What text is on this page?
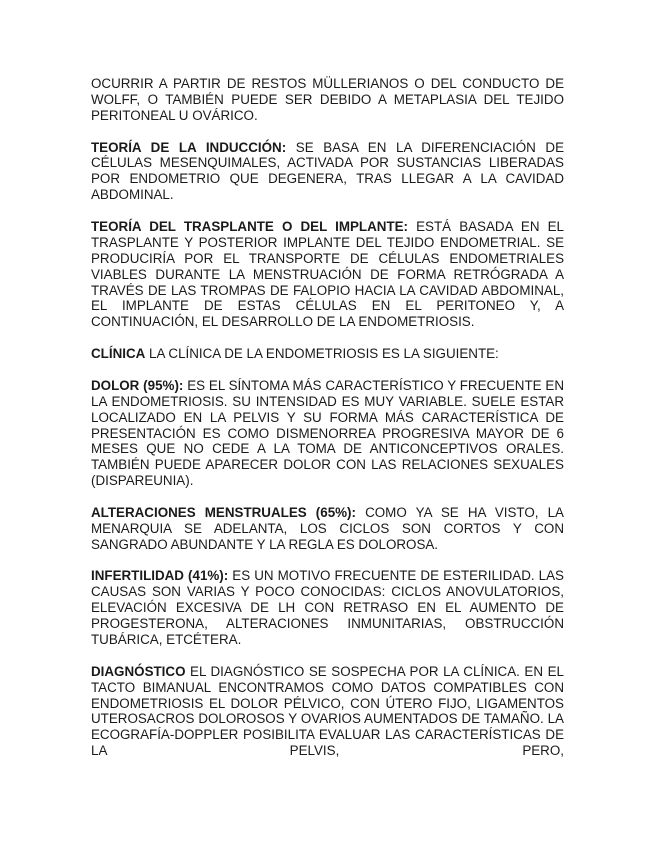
OCURRIR A PARTIR DE RESTOS MÜLLERIANOS O DEL CONDUCTO DE WOLFF, O TAMBIÉN PUEDE SER DEBIDO A METAPLASIA DEL TEJIDO PERITONEAL U OVÁRICO.

TEORÍA DE LA INDUCCIÓN: SE BASA EN LA DIFERENCIACIÓN DE CÉLULAS MESENQUIMALES, ACTIVADA POR SUSTANCIAS LIBERADAS POR ENDOMETRIO QUE DEGENERA, TRAS LLEGAR A LA CAVIDAD ABDOMINAL.

TEORÍA DEL TRASPLANTE O DEL IMPLANTE: ESTÁ BASADA EN EL TRASPLANTE Y POSTERIOR IMPLANTE DEL TEJIDO ENDOMETRIAL. SE PRODUCIRÍA POR EL TRANSPORTE DE CÉLULAS ENDOMETRIALES VIABLES DURANTE LA MENSTRUACIÓN DE FORMA RETRÓGRADA A TRAVÉS DE LAS TROMPAS DE FALOPIO HACIA LA CAVIDAD ABDOMINAL, EL IMPLANTE DE ESTAS CÉLULAS EN EL PERITONEO Y, A CONTINUACIÓN, EL DESARROLLO DE LA ENDOMETRIOSIS.

CLÍNICA LA CLÍNICA DE LA ENDOMETRIOSIS ES LA SIGUIENTE:

DOLOR (95%): ES EL SÍNTOMA MÁS CARACTERÍSTICO Y FRECUENTE EN LA ENDOMETRIOSIS. SU INTENSIDAD ES MUY VARIABLE. SUELE ESTAR LOCALIZADO EN LA PELVIS Y SU FORMA MÁS CARACTERÍSTICA DE PRESENTACIÓN ES COMO DISMENORREA PROGRESIVA MAYOR DE 6 MESES QUE NO CEDE A LA TOMA DE ANTICONCEPTIVOS ORALES. TAMBIÉN PUEDE APARECER DOLOR CON LAS RELACIONES SEXUALES (DISPAREUNIA).

ALTERACIONES MENSTRUALES (65%): COMO YA SE HA VISTO, LA MENARQUIA SE ADELANTA, LOS CICLOS SON CORTOS Y CON SANGRADO ABUNDANTE Y LA REGLA ES DOLOROSA.

INFERTILIDAD (41%): ES UN MOTIVO FRECUENTE DE ESTERILIDAD. LAS CAUSAS SON VARIAS Y POCO CONOCIDAS: CICLOS ANOVULATORIOS, ELEVACIÓN EXCESIVA DE LH CON RETRASO EN EL AUMENTO DE PROGESTERONA, ALTERACIONES INMUNITARIAS, OBSTRUCCIÓN TUBÁRICA, ETCÉTERA.

DIAGNÓSTICO EL DIAGNÓSTICO SE SOSPECHA POR LA CLÍNICA. EN EL TACTO BIMANUAL ENCONTRAMOS COMO DATOS COMPATIBLES CON ENDOMETRIOSIS EL DOLOR PÉLVICO, CON ÚTERO FIJO, LIGAMENTOS UTEROSACROS DOLOROSOS Y OVARIOS AUMENTADOS DE TAMAÑO. LA ECOGRAFÍA-DOPPLER POSIBILITA EVALUAR LAS CARACTERÍSTICAS DE LA PELVIS, PERO,
